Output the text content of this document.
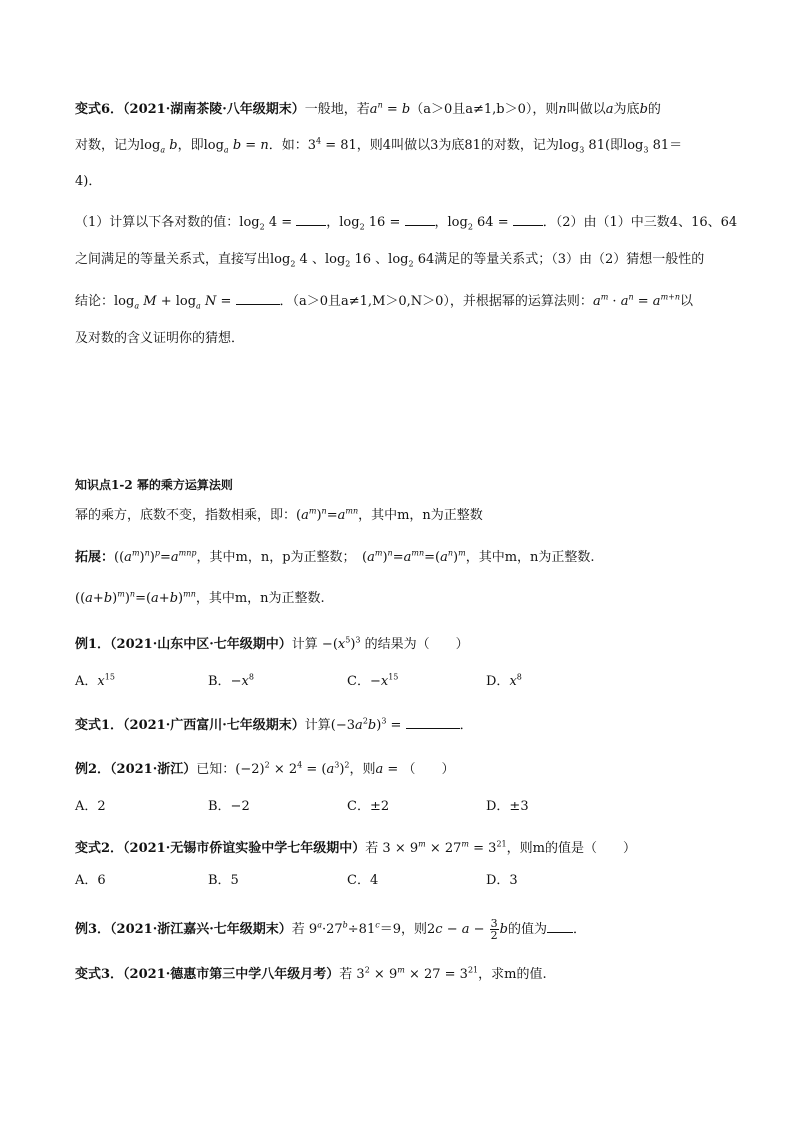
变式6．（2021·湖南茶陵·八年级期末）一般地，若$a^n = b(a>0$且a≠1,b＞0），则n叫做以a为底b的
对数，记为$\log_a b$，即$\log_a b = n$．如：$3^4 = 81$，则4叫做以3为底81的对数，记为$\log_3 81$(即$\log_3 81=$
4)．
（1）计算以下各对数的值：$\log_2 4$ = ，$\log_2 16$ = ，$\log_2 64$ = ．（2）由（1）中三数4、16、64
之间满足的等量关系式，直接写出$\log_2 4$ 、$\log_2 16$ 、$\log_2 64$满足的等量关系式；（3）由（2）猜想一般性的
结论：$\log_a M + \log_a N$ =	．（a＞0且a≠1,M＞0,N＞0），并根据幂的运算法则：$a^m \cdot a^n = a^{m+n}$以
及对数的含义证明你的猜想．
知识点1-2 幂的乘方运算法则
幂的乘方，底数不变，指数相乘，即：$(a^m)^n=a^{mn}$，其中m，n为正整数
拓展：$((a^m)^n)^p=a^{mnp}$，其中m，n，p为正整数；　$(a^m)^n=a^{mn}=(a^n)^m$，其中m，n为正整数.
$((a+b)^m)^n=(a+b)^{mn}$，其中m，n为正整数.
例1．（2021·山东中区·七年级期中）计算 $-(x^5)^3$ 的结果为（　　）
A．$x^{15}$	B．$-x^8$	C．$-x^{15}$	D．$x^8$
变式1．（2021·广西富川·七年级期末）计算$(-3a^2b)^3$ =	．
例2．（2021·浙江）已知：$(-2)^2 \times 2^4 = (a^3)^2$，则a = （　　）
A．2	B．−2	C．±2	D．±3
变式2．（2021·无锡市侨谊实验中学七年级期中）若 $3 \times 9^m \times 27^m = 3^{21}$，则m的值是（　　）
A．6	B．5	C．4	D．3
例3．（2021·浙江嘉兴·七年级期末）若 $9^a\cdot 27^b\div 81^c=9$，则$2c - a - \frac{3}{2}$ b的值为 ．
变式3．（2021·德惠市第三中学八年级月考）若 $3^2 \times 9^m \times 27 = 3^{21}$，求m的值.
